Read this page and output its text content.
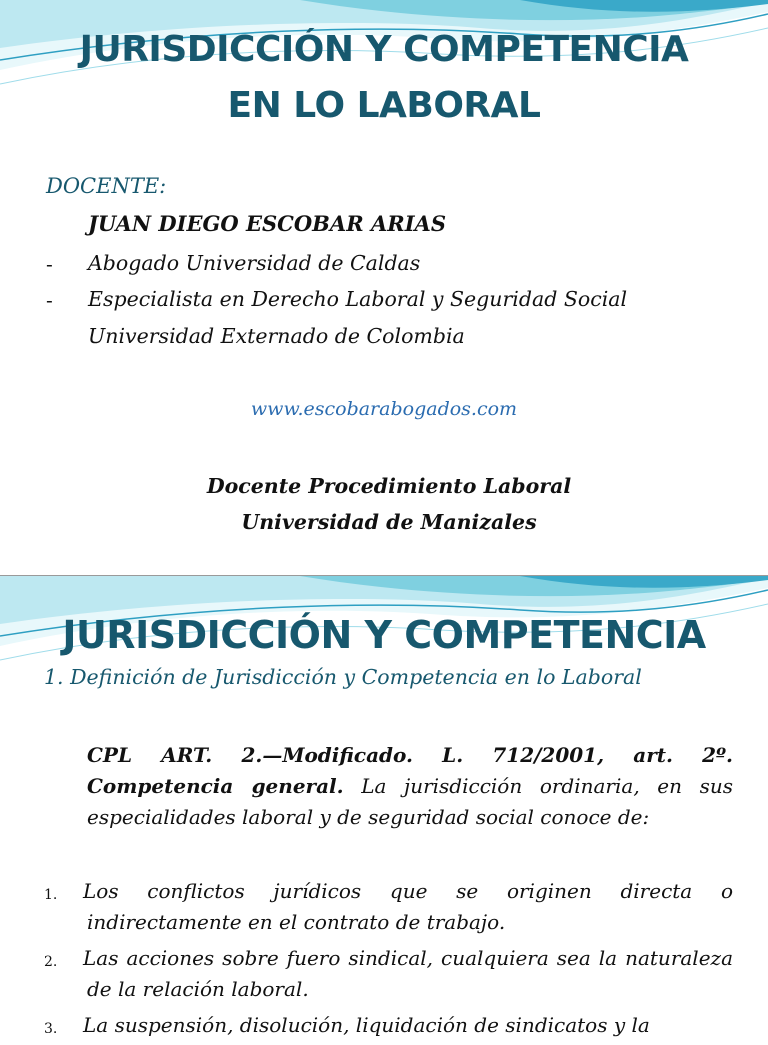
JURISDICCIÓN Y COMPETENCIA
EN LO LABORAL
DOCENTE:
JUAN DIEGO ESCOBAR ARIAS
- Abogado Universidad de Caldas
- Especialista en Derecho Laboral y Seguridad Social
Universidad Externado de Colombia
www.escobarabogados.com
Docente Procedimiento Laboral
Universidad de Manizales
JURISDICCIÓN Y COMPETENCIA
1. Definición de Jurisdicción y Competencia en lo Laboral

CPL ART. 2.—Modificado. L. 712/2001, art. 2º. Competencia general. La jurisdicción ordinaria, en sus especialidades laboral y de seguridad social conoce de:

1. Los conflictos jurídicos que se originen directa o indirectamente en el contrato de trabajo.
2. Las acciones sobre fuero sindical, cualquiera sea la naturaleza de la relación laboral.
3. La suspensión, disolución, liquidación de sindicatos y la
